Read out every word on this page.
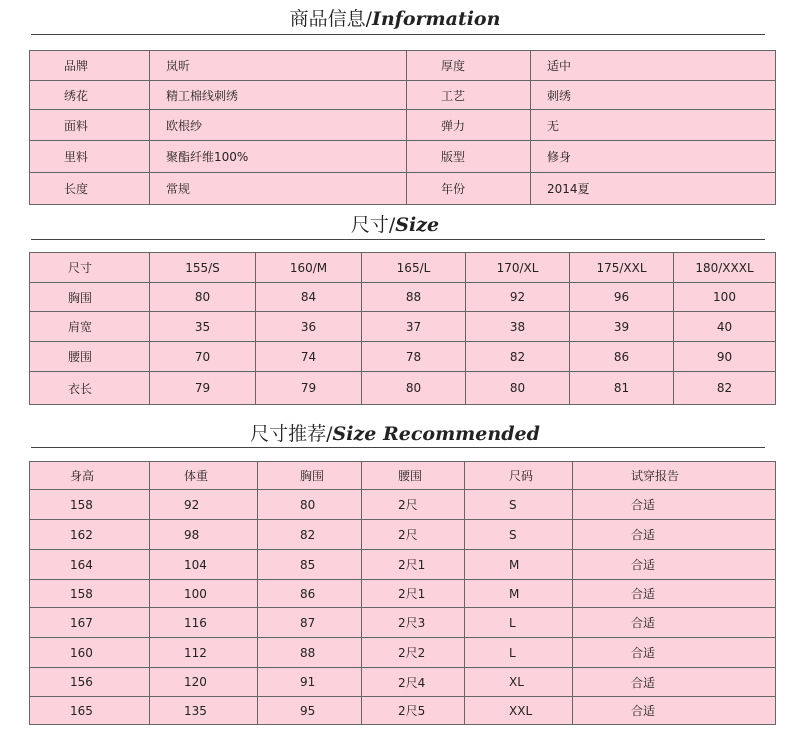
商品信息/Information
品牌	岚昕	厚度	适中
绣花	精工棉线刺绣	工艺	刺绣
面料	欧根纱	弹力	无
里料	聚酯纤维100%	版型	修身
长度	常规	年份	2014夏
尺寸/Size
尺寸	155/S	160/M	165/L	170/XL	175/XXL	180/XXXL
胸围	80	84	88	92	96	100
肩宽	35	36	37	38	39	40
腰围	70	74	78	82	86	90
衣长	79	79	80	80	81	82
尺寸推荐/Size Recommended
身高	体重	胸围	腰围	尺码	试穿报告
158	92	80	2尺	S	合适
162	98	82	2尺	S	合适
164	104	85	2尺1	M	合适
158	100	86	2尺1	M	合适
167	116	87	2尺3	L	合适
160	112	88	2尺2	L	合适
156	120	91	2尺4	XL	合适
165	135	95	2尺5	XXL	合适
